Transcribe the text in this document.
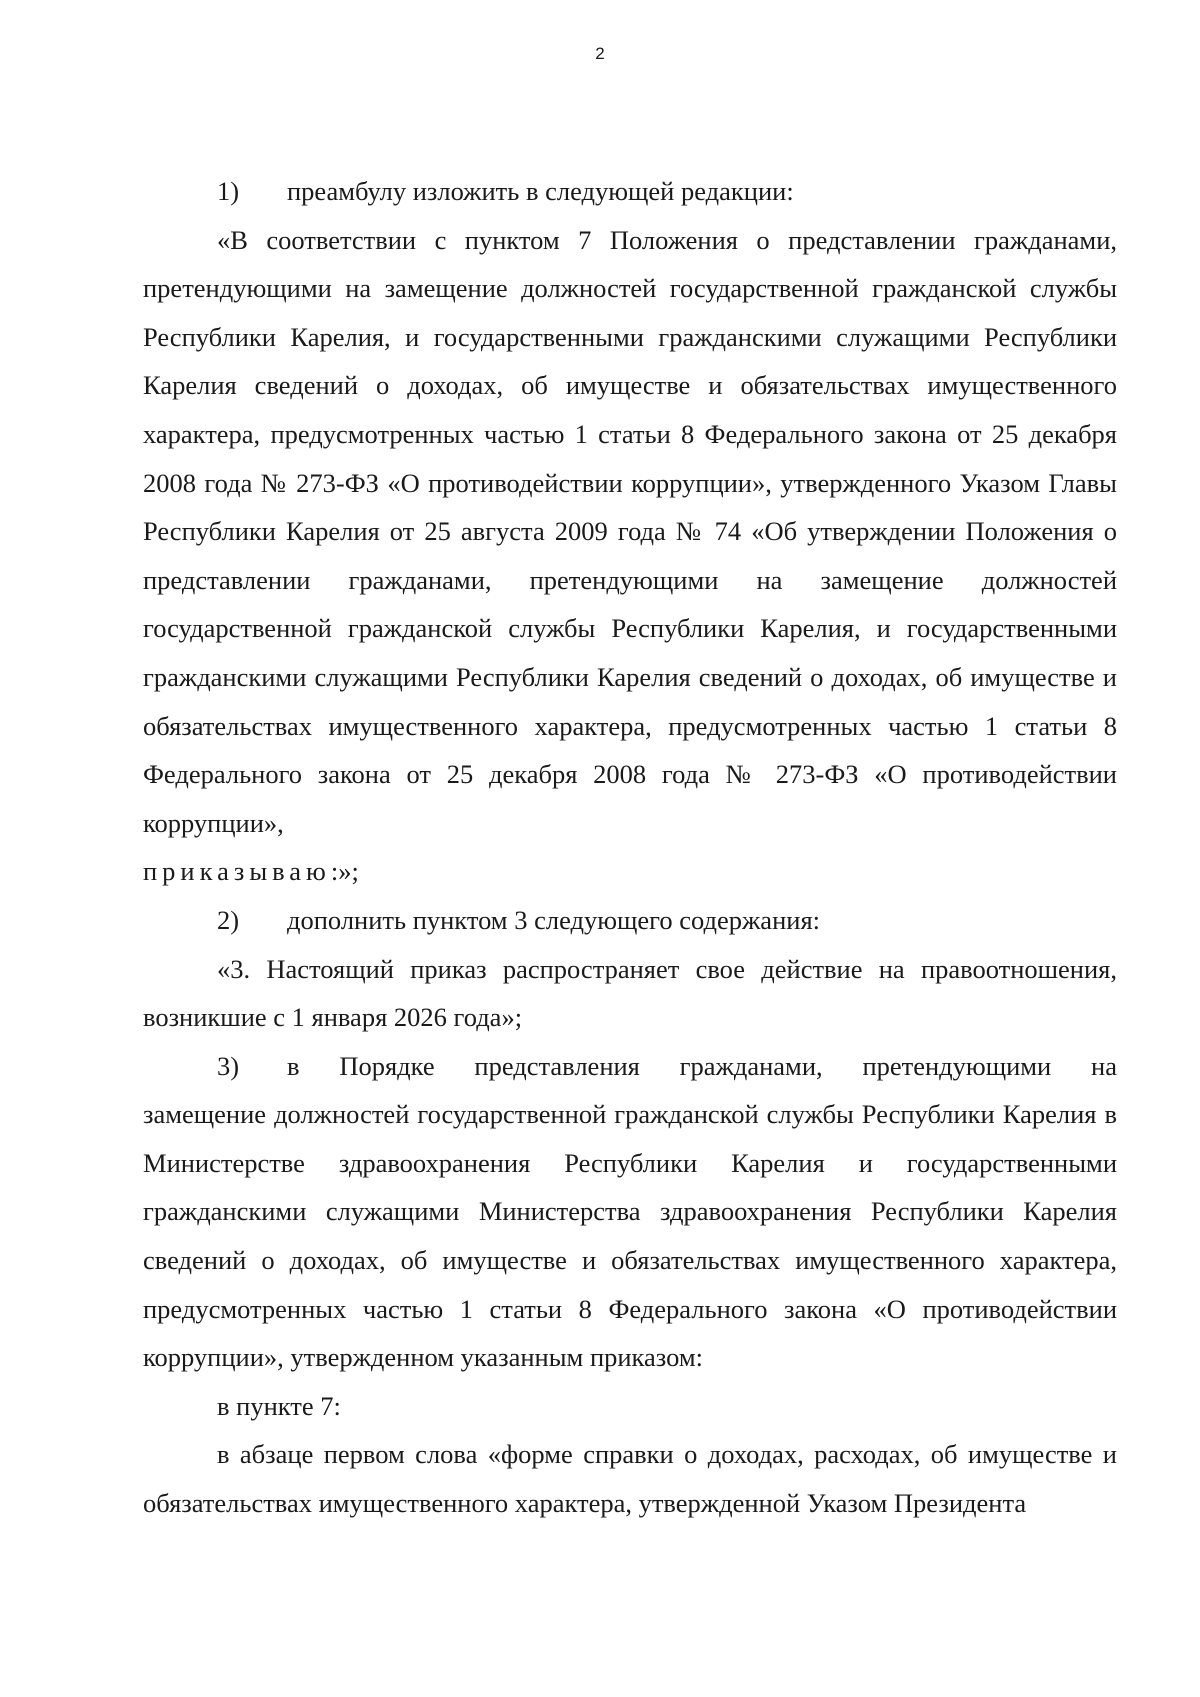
2

1) преамбулу изложить в следующей редакции:

«В соответствии с пунктом 7 Положения о представлении гражданами, претендующими на замещение должностей государственной гражданской службы Республики Карелия, и государственными гражданскими служащими Республики Карелия сведений о доходах, об имуществе и обязательствах имущественного характера, предусмотренных частью 1 статьи 8 Федерального закона от 25 декабря 2008 года № 273-ФЗ «О противодействии коррупции», утвержденного Указом Главы Республики Карелия от 25 августа 2009 года № 74 «Об утверждении Положения о представлении гражданами, претендующими на замещение должностей государственной гражданской службы Республики Карелия, и государственными гражданскими служащими Республики Карелия сведений о доходах, об имуществе и обязательствах имущественного характера, предусмотренных частью 1 статьи 8 Федерального закона от 25 декабря 2008 года № 273-ФЗ «О противодействии коррупции»,
приказываю:»;

2) дополнить пунктом 3 следующего содержания:

«3. Настоящий приказ распространяет свое действие на правоотношения, возникшие с 1 января 2026 года»;

3) в Порядке представления гражданами, претендующими на

замещение должностей государственной гражданской службы Республики Карелия в Министерстве здравоохранения Республики Карелия и государственными гражданскими служащими Министерства здравоохранения Республики Карелия сведений о доходах, об имуществе и обязательствах имущественного характера, предусмотренных частью 1 статьи 8 Федерального закона «О противодействии коррупции», утвержденном указанным приказом:

в пункте 7:

в абзаце первом слова «форме справки о доходах, расходах, об имуществе и обязательствах имущественного характера, утвержденной Указом Президента
